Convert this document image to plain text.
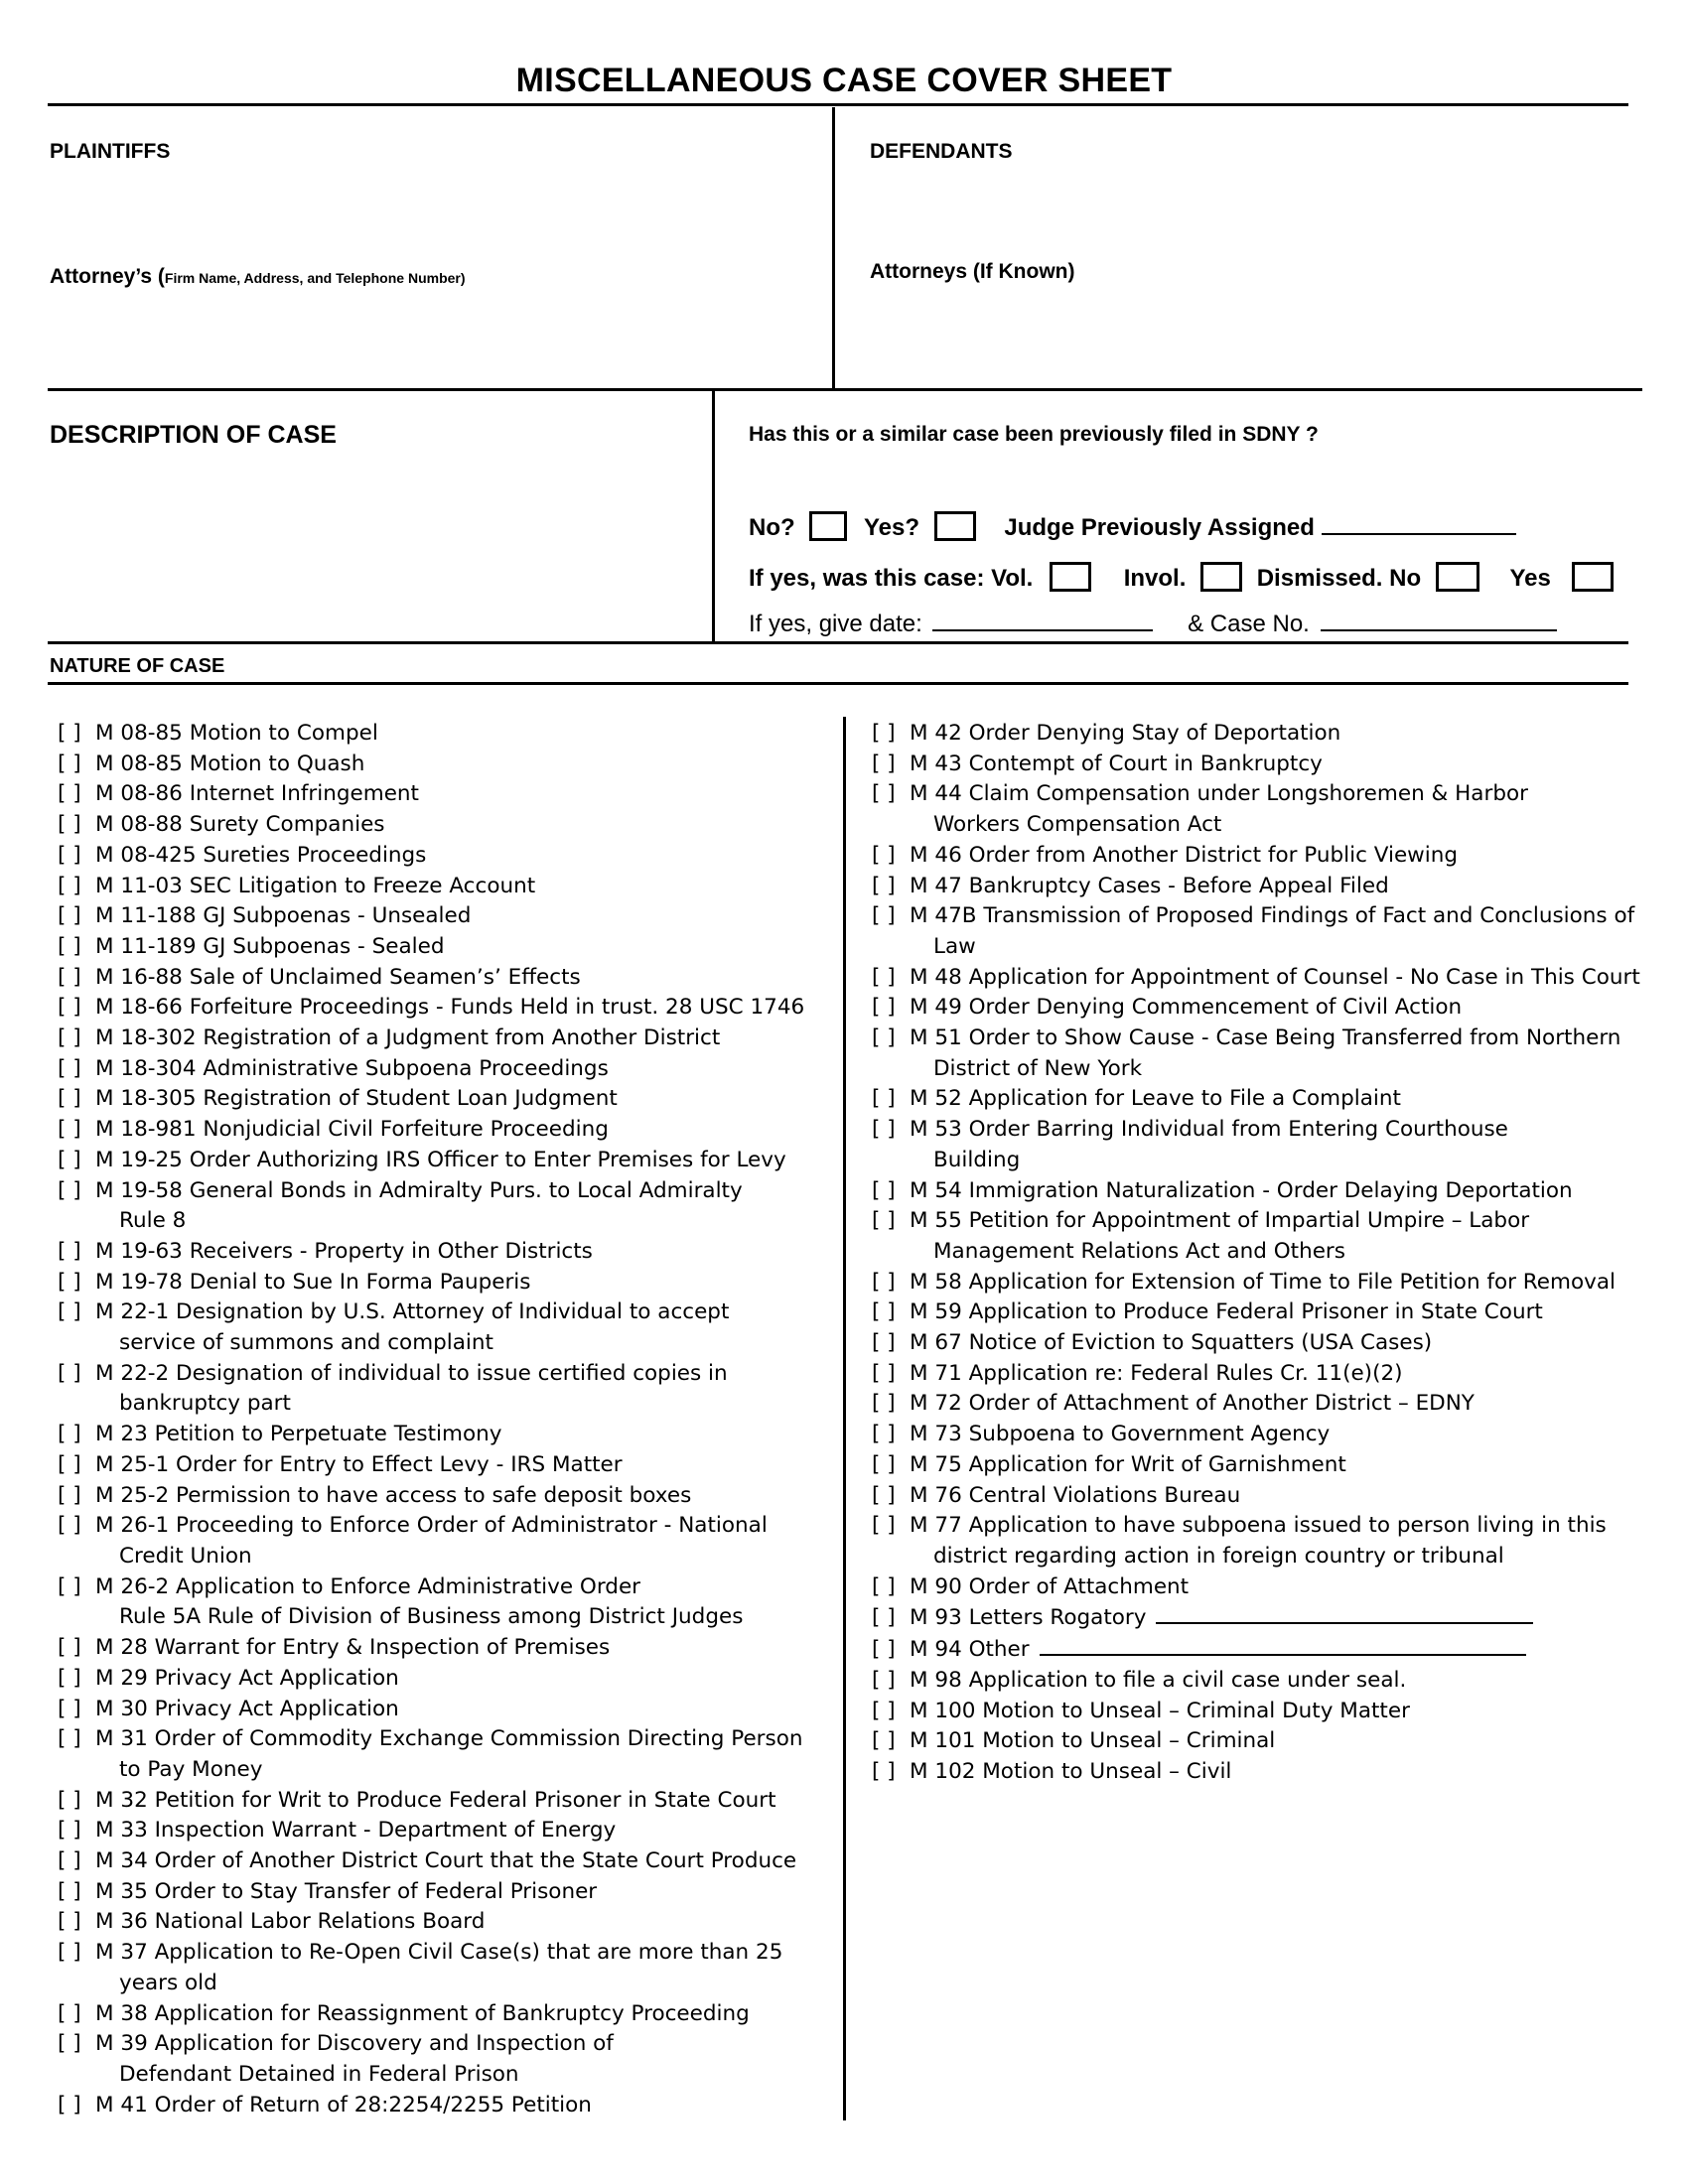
MISCELLANEOUS CASE COVER SHEET
PLAINTIFFS	DEFENDANTS
Attorney’s (Firm Name, Address, and Telephone Number)	Attorneys (If Known)
DESCRIPTION OF CASE	Has this or a similar case been previously filed in SDNY ?
No?	Yes?	Judge Previously Assigned
If yes, was this case: Vol.	Invol.	Dismissed. No	Yes
If yes, give date:	& Case No.
NATURE OF CASE
[ ] M 08-85 Motion to Compel
[ ] M 08-85 Motion to Quash
[ ] M 08-86 Internet Infringement
[ ] M 08-88 Surety Companies
[ ] M 08-425 Sureties Proceedings
[ ] M 11-03 SEC Litigation to Freeze Account
[ ] M 11-188 GJ Subpoenas - Unsealed
[ ] M 11-189 GJ Subpoenas - Sealed
[ ] M 16-88 Sale of Unclaimed Seamen’s’ Effects
[ ] M 18-66 Forfeiture Proceedings - Funds Held in trust. 28 USC 1746
[ ] M 18-302 Registration of a Judgment from Another District
[ ] M 18-304 Administrative Subpoena Proceedings
[ ] M 18-305 Registration of Student Loan Judgment
[ ] M 18-981 Nonjudicial Civil Forfeiture Proceeding
[ ] M 19-25 Order Authorizing IRS Officer to Enter Premises for Levy
[ ] M 19-58 General Bonds in Admiralty Purs. to Local Admiralty
Rule 8
[ ] M 19-63 Receivers - Property in Other Districts
[ ] M 19-78 Denial to Sue In Forma Pauperis
[ ] M 22-1 Designation by U.S. Attorney of Individual to accept
service of summons and complaint
[ ] M 22-2 Designation of individual to issue certified copies in
bankruptcy part
[ ] M 23 Petition to Perpetuate Testimony
[ ] M 25-1 Order for Entry to Effect Levy - IRS Matter
[ ] M 25-2 Permission to have access to safe deposit boxes
[ ] M 26-1 Proceeding to Enforce Order of Administrator - National
Credit Union
[ ] M 26-2 Application to Enforce Administrative Order
Rule 5A Rule of Division of Business among District Judges
[ ] M 28 Warrant for Entry & Inspection of Premises
[ ] M 29 Privacy Act Application
[ ] M 30 Privacy Act Application
[ ] M 31 Order of Commodity Exchange Commission Directing Person
to Pay Money
[ ] M 32 Petition for Writ to Produce Federal Prisoner in State Court
[ ] M 33 Inspection Warrant - Department of Energy
[ ] M 34 Order of Another District Court that the State Court Produce
[ ] M 35 Order to Stay Transfer of Federal Prisoner
[ ] M 36 National Labor Relations Board
[ ] M 37 Application to Re-Open Civil Case(s) that are more than 25
years old
[ ] M 38 Application for Reassignment of Bankruptcy Proceeding
[ ] M 39 Application for Discovery and Inspection of
Defendant Detained in Federal Prison
[ ] M 41 Order of Return of 28:2254/2255 Petition
[ ] M 42 Order Denying Stay of Deportation
[ ] M 43 Contempt of Court in Bankruptcy
[ ] M 44 Claim Compensation under Longshoremen & Harbor
Workers Compensation Act
[ ] M 46 Order from Another District for Public Viewing
[ ] M 47 Bankruptcy Cases - Before Appeal Filed
[ ] M 47B Transmission of Proposed Findings of Fact and Conclusions of
Law
[ ] M 48 Application for Appointment of Counsel - No Case in This Court
[ ] M 49 Order Denying Commencement of Civil Action
[ ] M 51 Order to Show Cause - Case Being Transferred from Northern
District of New York
[ ] M 52 Application for Leave to File a Complaint
[ ] M 53 Order Barring Individual from Entering Courthouse
Building
[ ] M 54 Immigration Naturalization - Order Delaying Deportation
[ ] M 55 Petition for Appointment of Impartial Umpire – Labor
Management Relations Act and Others
[ ] M 58 Application for Extension of Time to File Petition for Removal
[ ] M 59 Application to Produce Federal Prisoner in State Court
[ ] M 67 Notice of Eviction to Squatters (USA Cases)
[ ] M 71 Application re: Federal Rules Cr. 11(e)(2)
[ ] M 72 Order of Attachment of Another District – EDNY
[ ] M 73 Subpoena to Government Agency
[ ] M 75 Application for Writ of Garnishment
[ ] M 76 Central Violations Bureau
[ ] M 77 Application to have subpoena issued to person living in this
district regarding action in foreign country or tribunal
[ ] M 90 Order of Attachment
[ ] M 93 Letters Rogatory
[ ] M 94 Other
[ ] M 98 Application to file a civil case under seal.
[ ] M 100 Motion to Unseal – Criminal Duty Matter
[ ] M 101 Motion to Unseal – Criminal
[ ] M 102 Motion to Unseal – Civil
